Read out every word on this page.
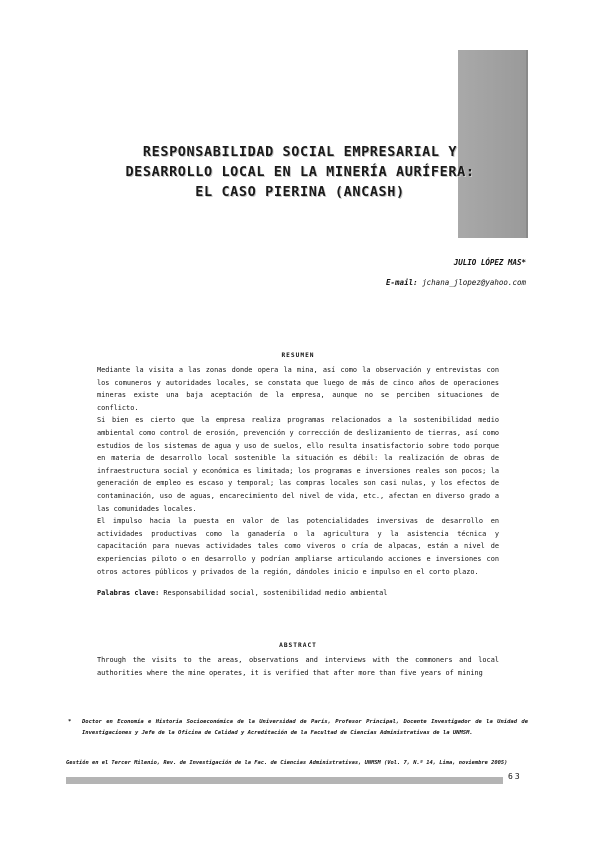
RESPONSABILIDAD SOCIAL EMPRESARIAL Y
DESARROLLO LOCAL EN LA MINERÍA AURÍFERA:
EL CASO PIERINA (ANCASH)
JULIO LÓPEZ MAS*
E-mail: jchana_jlopez@yahoo.com
RESUMEN

Mediante la visita a las zonas donde opera la mina, así como la observación y entrevistas con los comuneros y autoridades locales, se constata que luego de más de cinco años de operaciones mineras existe una baja aceptación de la empresa, aunque no se perciben situaciones de conflicto.

Si bien es cierto que la empresa realiza programas relacionados a la sostenibilidad medio ambiental como control de erosión, prevención y corrección de deslizamiento de tierras, así como estudios de los sistemas de agua y uso de suelos, ello resulta insatisfactorio sobre todo porque en materia de desarrollo local sostenible la situación es débil: la realización de obras de infraestructura social y económica es limitada; los programas e inversiones reales son pocos; la generación de empleo es escaso y temporal; las compras locales son casi nulas, y los efectos de contaminación, uso de aguas, encarecimiento del nivel de vida, etc., afectan en diverso grado a las comunidades locales.

El impulso hacia la puesta en valor de las potencialidades inversivas de desarrollo en actividades productivas como la ganadería o la agricultura y la asistencia técnica y capacitación para nuevas actividades tales como viveros o cría de alpacas, están a nivel de experiencias piloto o en desarrollo y podrían ampliarse articulando acciones e inversiones con otros actores públicos y privados de la región, dándoles inicio e impulso en el corto plazo.

Palabras clave: Responsabilidad social, sostenibilidad medio ambiental
ABSTRACT
Through the visits to the areas, observations and interviews with the commoners and local authorities where the mine operates, it is verified that after more than five years of mining
* Doctor en Economía e Historia Socioeconómica de la Universidad de París, Profesor Principal, Docente Investigador de la Unidad de Investigaciones y Jefe de la Oficina de Calidad y Acreditación de la Facultad de Ciencias Administrativas de la UNMSM.
Gestión en el Tercer Milenio, Rev. de Investigación de la Fac. de Ciencias Administrativas, UNMSM (Vol. 7, N.º 14, Lima, noviembre 2005)
63
